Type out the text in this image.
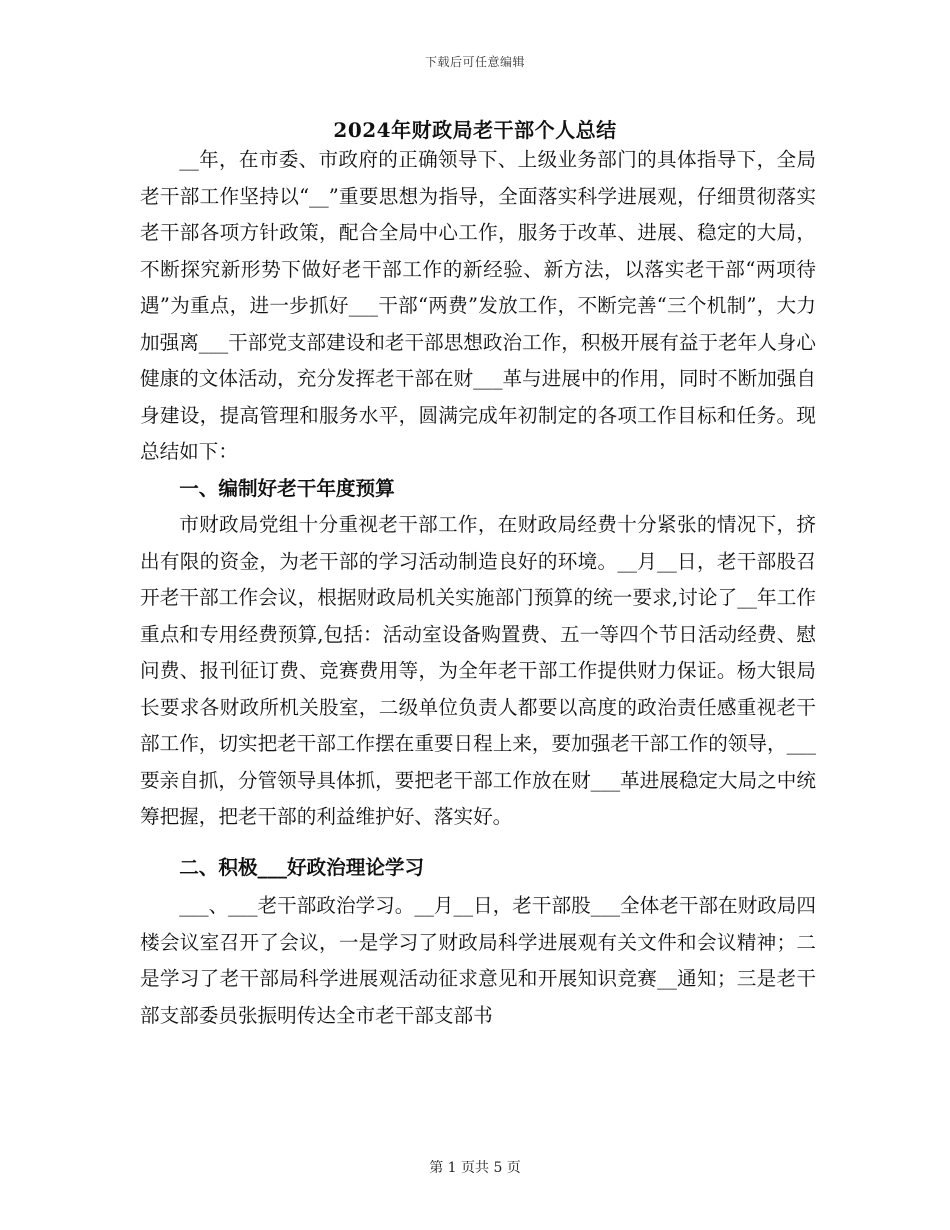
下载后可任意编辑
2024年财政局老干部个人总结

__年，在市委、市政府的正确领导下、上级业务部门的具体指导下，全局老干部工作坚持以“__”重要思想为指导，全面落实科学进展观，仔细贯彻落实老干部各项方针政策，配合全局中心工作，服务于改革、进展、稳定的大局，不断探究新形势下做好老干部工作的新经验、新方法，以落实老干部“两项待遇”为重点，进一步抓好___干部“两费”发放工作，不断完善“三个机制”，大力加强离___干部党支部建设和老干部思想政治工作，积极开展有益于老年人身心健康的文体活动，充分发挥老干部在财___革与进展中的作用，同时不断加强自身建设，提高管理和服务水平，圆满完成年初制定的各项工作目标和任务。现总结如下：

一、编制好老干年度预算

市财政局党组十分重视老干部工作，在财政局经费十分紧张的情况下，挤出有限的资金，为老干部的学习活动制造良好的环境。__月__日，老干部股召开老干部工作会议，根据财政局机关实施部门预算的统一要求,讨论了__年工作重点和专用经费预算,包括：活动室设备购置费、五一等四个节日活动经费、慰问费、报刊征订费、竞赛费用等，为全年老干部工作提供财力保证。杨大银局长要求各财政所机关股室，二级单位负责人都要以高度的政治责任感重视老干部工作，切实把老干部工作摆在重要日程上来，要加强老干部工作的领导，___要亲自抓，分管领导具体抓，要把老干部工作放在财___革进展稳定大局之中统筹把握，把老干部的利益维护好、落实好。

二、积极___好政治理论学习

___、___老干部政治学习。__月__日，老干部股___全体老干部在财政局四楼会议室召开了会议，一是学习了财政局科学进展观有关文件和会议精神；二是学习了老干部局科学进展观活动征求意见和开展知识竞赛__通知；三是老干部支部委员张振明传达全市老干部支部书

第 1 页共 5 页
